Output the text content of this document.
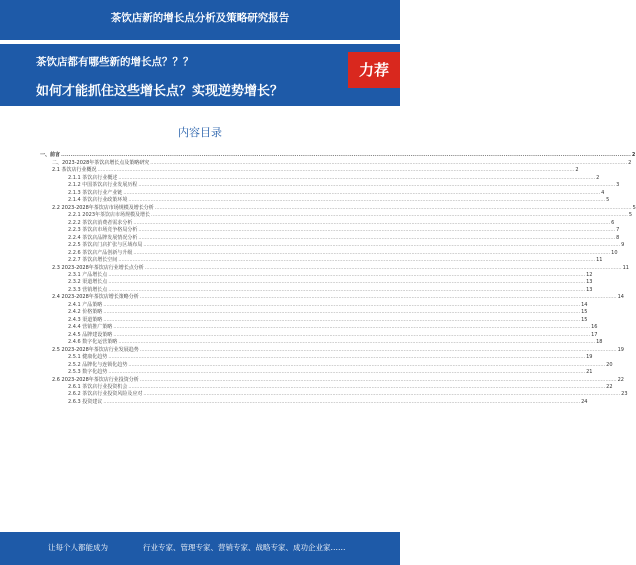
茶饮店新的增长点分析及策略研究报告
茶饮店都有哪些新的增长点？？？
如何才能抓住这些增长点？实现逆势增长？
力荐
内容目录
一、前言 ............................................................................................................................................................................................................................................................................................................ 2
二、2023-2028年茶饮店增长点及策略研究 ............................................................................................................................................................................................................................................................................................................ 2
2.1 茶饮店行业概况 ............................................................................................................................................................................................................................................................................................................ 2
2.1.1 茶饮店行业概述 ............................................................................................................................................................................................................................................................................................................ 2
2.1.2 中国茶饮店行业发展历程 ............................................................................................................................................................................................................................................................................................................ 3
2.1.3 茶饮店行业产业链 ............................................................................................................................................................................................................................................................................................................ 4
2.1.4 茶饮店行业政策环境 ............................................................................................................................................................................................................................................................................................................ 5
2.2 2023-2028年茶饮店市场规模及增长分析 ............................................................................................................................................................................................................................................................................................................ 5
2.2.1 2023年茶饮店市场规模及增长 ............................................................................................................................................................................................................................................................................................................ 5
2.2.2 茶饮店消费者需求分析 ............................................................................................................................................................................................................................................................................................................ 6
2.2.3 茶饮店市场竞争格局分析 ............................................................................................................................................................................................................................................................................................................ 7
2.2.4 茶饮店品牌发展情况分析 ............................................................................................................................................................................................................................................................................................................ 8
2.2.5 茶饮店门店扩张与区域布局 ............................................................................................................................................................................................................................................................................................................ 9
2.2.6 茶饮店产品创新与升级 ............................................................................................................................................................................................................................................................................................................ 10
2.2.7 茶饮店增长空间 ............................................................................................................................................................................................................................................................................................................ 11
2.3 2023-2028年茶饮店行业增长点分析 ............................................................................................................................................................................................................................................................................................................ 11
2.3.1 产品增长点 ............................................................................................................................................................................................................................................................................................................ 12
2.3.2 渠道增长点 ............................................................................................................................................................................................................................................................................................................ 13
2.3.3 营销增长点 ............................................................................................................................................................................................................................................................................................................ 13
2.4 2023-2028年茶饮店增长策略分析 ............................................................................................................................................................................................................................................................................................................ 14
2.4.1 产品策略 ............................................................................................................................................................................................................................................................................................................ 14
2.4.2 价格策略 ............................................................................................................................................................................................................................................................................................................ 15
2.4.3 渠道策略 ............................................................................................................................................................................................................................................................................................................ 15
2.4.4 营销推广策略 ............................................................................................................................................................................................................................................................................................................ 16
2.4.5 品牌建设策略 ............................................................................................................................................................................................................................................................................................................ 17
2.4.6 数字化运营策略 ............................................................................................................................................................................................................................................................................................................ 18
2.5 2023-2028年茶饮店行业发展趋势 ............................................................................................................................................................................................................................................................................................................ 19
2.5.1 健康化趋势 ............................................................................................................................................................................................................................................................................................................ 19
2.5.2 品牌化与连锁化趋势 ............................................................................................................................................................................................................................................................................................................ 20
2.5.3 数字化趋势 ............................................................................................................................................................................................................................................................................................................ 21
2.6 2023-2028年茶饮店行业投资分析 ............................................................................................................................................................................................................................................................................................................ 22
2.6.1 茶饮店行业投资机会 ............................................................................................................................................................................................................................................................................................................ 22
2.6.2 茶饮店行业投资风险及应对 ............................................................................................................................................................................................................................................................................................................ 23
2.6.3 投资建议 ............................................................................................................................................................................................................................................................................................................ 24
让每个人都能成为	行业专家、管理专家、营销专家、战略专家、成功企业家……
